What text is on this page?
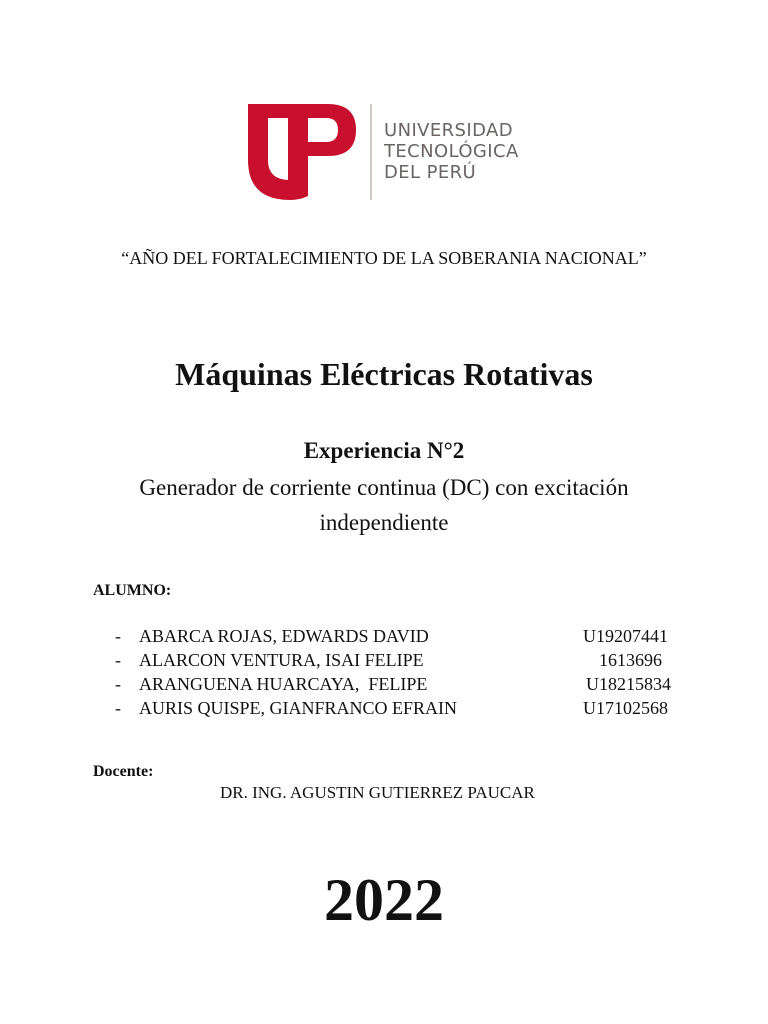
UNIVERSIDAD
TECNOLÓGICA
DEL PERÚ
“AÑO DEL FORTALECIMIENTO DE LA SOBERANIA NACIONAL”
Máquinas Eléctricas Rotativas
Experiencia N°2
Generador de corriente continua (DC) con excitación independiente
ALUMNO:
- ABARCA ROJAS, EDWARDS DAVID	U19207441
- ALARCON VENTURA, ISAI FELIPE	1613696
- ARANGUENA HUARCAYA,  FELIPE	U18215834
- AURIS QUISPE, GIANFRANCO EFRAIN	U17102568
Docente:
DR. ING. AGUSTIN GUTIERREZ PAUCAR
2022
